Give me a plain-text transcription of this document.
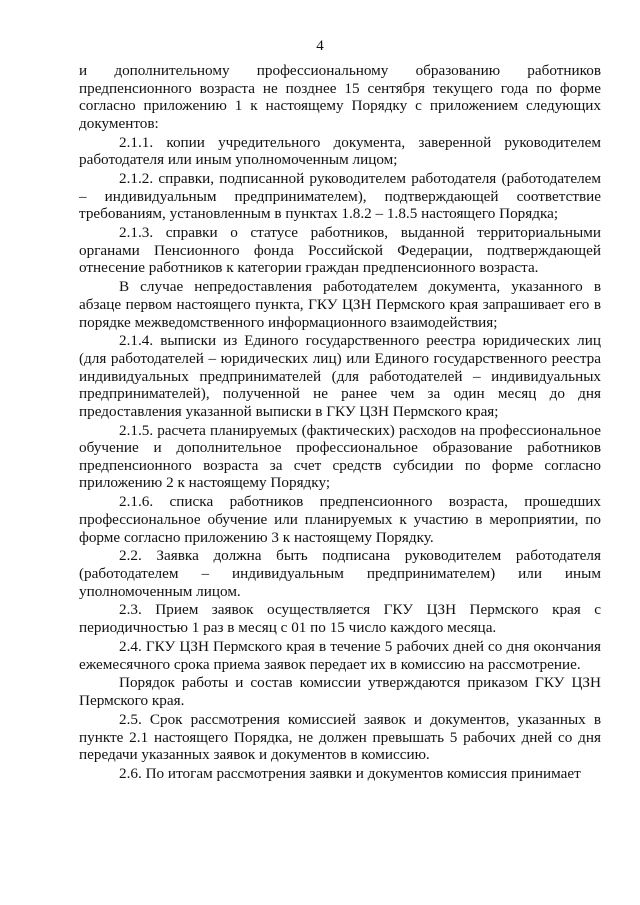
4

и дополнительному профессиональному образованию работников предпенсионного возраста не позднее 15 сентября текущего года по форме согласно приложению 1 к настоящему Порядку с приложением следующих документов:

2.1.1. копии учредительного документа, заверенной руководителем работодателя или иным уполномоченным лицом;

2.1.2. справки, подписанной руководителем работодателя (работодателем – индивидуальным предпринимателем), подтверждающей соответствие требованиям, установленным в пунктах 1.8.2 – 1.8.5 настоящего Порядка;

2.1.3. справки о статусе работников, выданной территориальными органами Пенсионного фонда Российской Федерации, подтверждающей отнесение работников к категории граждан предпенсионного возраста.

В случае непредоставления работодателем документа, указанного в абзаце первом настоящего пункта, ГКУ ЦЗН Пермского края запрашивает его в порядке межведомственного информационного взаимодействия;

2.1.4. выписки из Единого государственного реестра юридических лиц (для работодателей – юридических лиц) или Единого государственного реестра индивидуальных предпринимателей (для работодателей – индивидуальных предпринимателей), полученной не ранее чем за один месяц до дня предоставления указанной выписки в ГКУ ЦЗН Пермского края;

2.1.5. расчета планируемых (фактических) расходов на профессиональное обучение и дополнительное профессиональное образование работников предпенсионного возраста за счет средств субсидии по форме согласно приложению 2 к настоящему Порядку;

2.1.6. списка работников предпенсионного возраста, прошедших профессиональное обучение или планируемых к участию в мероприятии, по форме согласно приложению 3 к настоящему Порядку.

2.2. Заявка должна быть подписана руководителем работодателя (работодателем – индивидуальным предпринимателем) или иным уполномоченным лицом.

2.3. Прием заявок осуществляется ГКУ ЦЗН Пермского края с периодичностью 1 раз в месяц с 01 по 15 число каждого месяца.

2.4. ГКУ ЦЗН Пермского края в течение 5 рабочих дней со дня окончания ежемесячного срока приема заявок передает их в комиссию на рассмотрение.

Порядок работы и состав комиссии утверждаются приказом ГКУ ЦЗН Пермского края.

2.5. Срок рассмотрения комиссией заявок и документов, указанных в пункте 2.1 настоящего Порядка, не должен превышать 5 рабочих дней со дня передачи указанных заявок и документов в комиссию.

2.6. По итогам рассмотрения заявки и документов комиссия принимает
